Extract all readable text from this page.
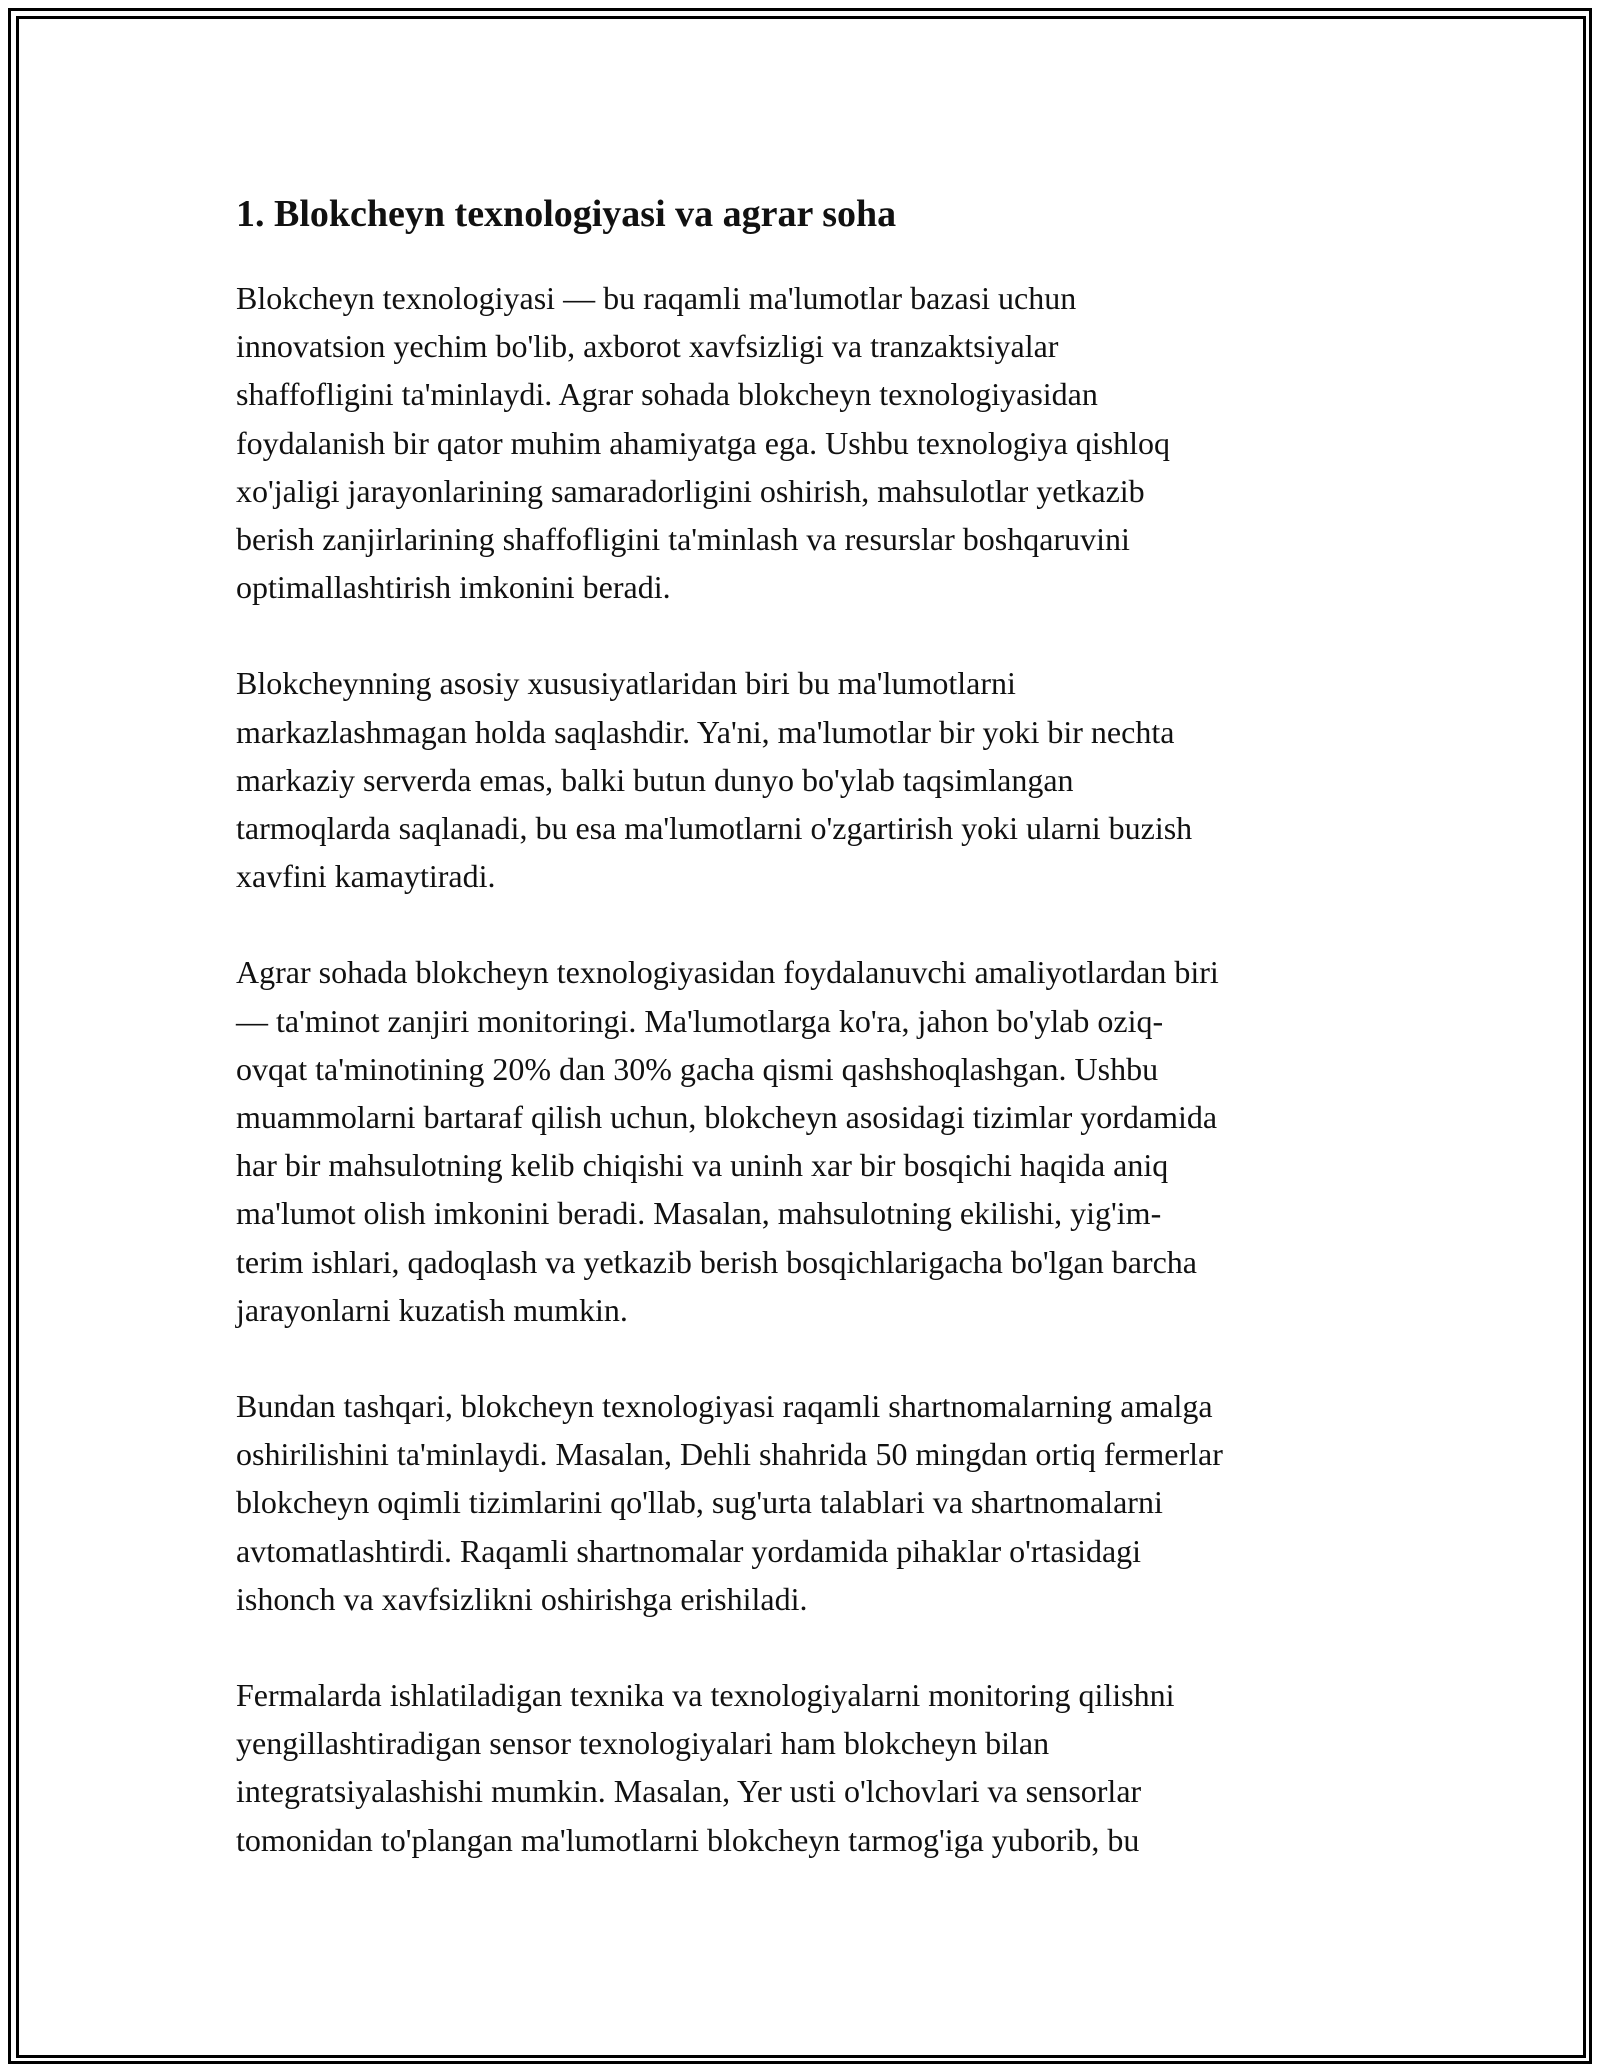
1. Blokcheyn texnologiyasi va agrar soha

Blokcheyn texnologiyasi — bu raqamli ma'lumotlar bazasi uchun
innovatsion yechim bo'lib, axborot xavfsizligi va tranzaktsiyalar
shaffofligini ta'minlaydi. Agrar sohada blokcheyn texnologiyasidan
foydalanish bir qator muhim ahamiyatga ega. Ushbu texnologiya qishloq
xo'jaligi jarayonlarining samaradorligini oshirish, mahsulotlar yetkazib
berish zanjirlarining shaffofligini ta'minlash va resurslar boshqaruvini
optimallashtirish imkonini beradi.

Blokcheynning asosiy xususiyatlaridan biri bu ma'lumotlarni
markazlashmagan holda saqlashdir. Ya'ni, ma'lumotlar bir yoki bir nechta
markaziy serverda emas, balki butun dunyo bo'ylab taqsimlangan
tarmoqlarda saqlanadi, bu esa ma'lumotlarni o'zgartirish yoki ularni buzish
xavfini kamaytiradi.

Agrar sohada blokcheyn texnologiyasidan foydalanuvchi amaliyotlardan biri
— ta'minot zanjiri monitoringi. Ma'lumotlarga ko'ra, jahon bo'ylab oziq-
ovqat ta'minotining 20% dan 30% gacha qismi qashshoqlashgan. Ushbu
muammolarni bartaraf qilish uchun, blokcheyn asosidagi tizimlar yordamida
har bir mahsulotning kelib chiqishi va uninh xar bir bosqichi haqida aniq
ma'lumot olish imkonini beradi. Masalan, mahsulotning ekilishi, yig'im-
terim ishlari, qadoqlash va yetkazib berish bosqichlarigacha bo'lgan barcha
jarayonlarni kuzatish mumkin.

Bundan tashqari, blokcheyn texnologiyasi raqamli shartnomalarning amalga
oshirilishini ta'minlaydi. Masalan, Dehli shahrida 50 mingdan ortiq fermerlar
blokcheyn oqimli tizimlarini qo'llab, sug'urta talablari va shartnomalarni
avtomatlashtirdi. Raqamli shartnomalar yordamida pihaklar o'rtasidagi
ishonch va xavfsizlikni oshirishga erishiladi.

Fermalarda ishlatiladigan texnika va texnologiyalarni monitoring qilishni
yengillashtiradigan sensor texnologiyalari ham blokcheyn bilan
integratsiyalashishi mumkin. Masalan, Yer usti o'lchovlari va sensorlar
tomonidan to'plangan ma'lumotlarni blokcheyn tarmog'iga yuborib, bu
